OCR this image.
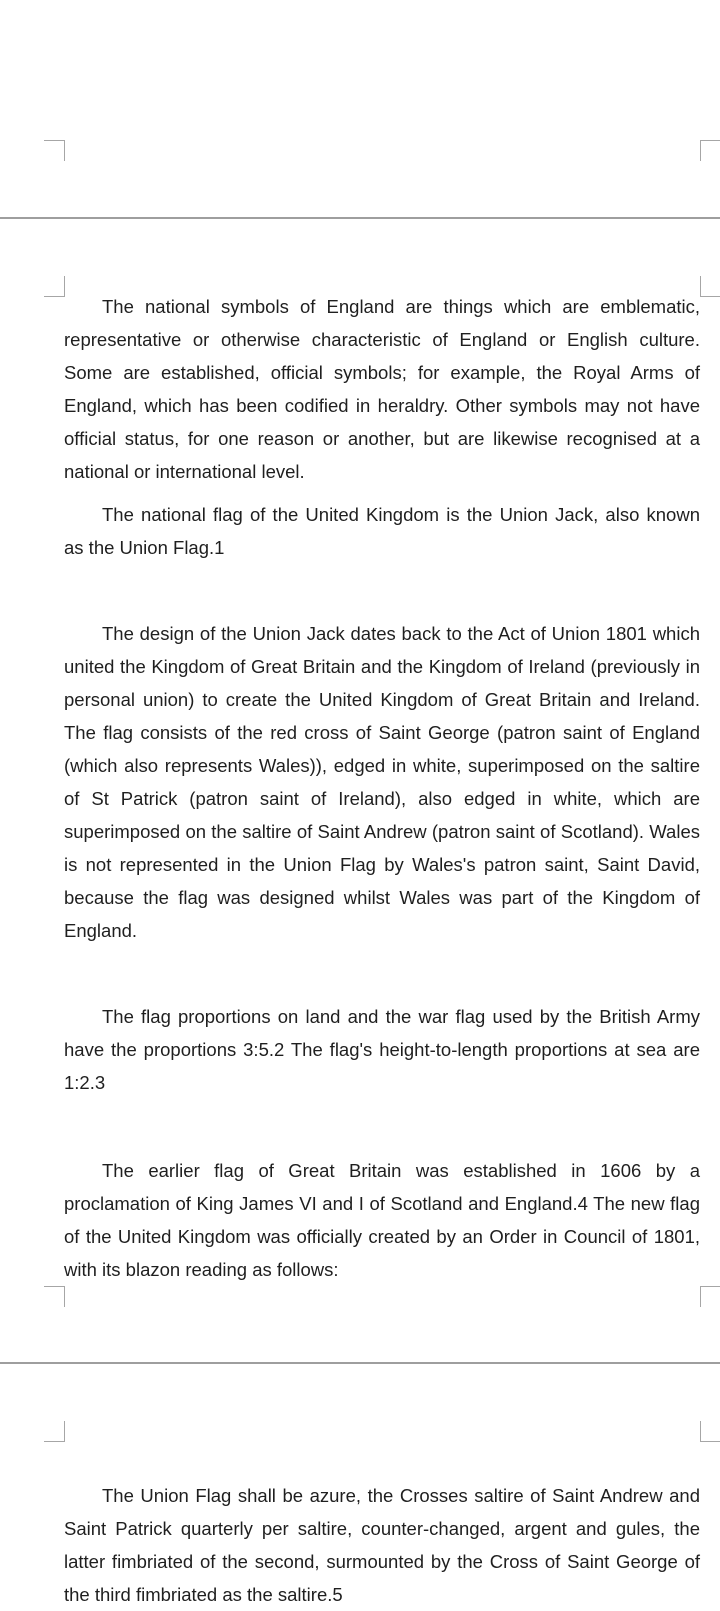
The national symbols of England are things which are emblematic, representative or otherwise characteristic of England or English culture. Some are established, official symbols; for example, the Royal Arms of England, which has been codified in heraldry. Other symbols may not have official status, for one reason or another, but are likewise recognised at a national or international level.

The national flag of the United Kingdom is the Union Jack, also known as the Union Flag.1

The design of the Union Jack dates back to the Act of Union 1801 which united the Kingdom of Great Britain and the Kingdom of Ireland (previously in personal union) to create the United Kingdom of Great Britain and Ireland. The flag consists of the red cross of Saint George (patron saint of England (which also represents Wales)), edged in white, superimposed on the saltire of St Patrick (patron saint of Ireland), also edged in white, which are superimposed on the saltire of Saint Andrew (patron saint of Scotland). Wales is not represented in the Union Flag by Wales's patron saint, Saint David, because the flag was designed whilst Wales was part of the Kingdom of England.

The flag proportions on land and the war flag used by the British Army have the proportions 3:5.2 The flag's height-to-length proportions at sea are 1:2.3

The earlier flag of Great Britain was established in 1606 by a proclamation of King James VI and I of Scotland and England.4 The new flag of the United Kingdom was officially created by an Order in Council of 1801, with its blazon reading as follows:

The Union Flag shall be azure, the Crosses saltire of Saint Andrew and Saint Patrick quarterly per saltire, counter-changed, argent and gules, the latter fimbriated of the second, surmounted by the Cross of Saint George of the third fimbriated as the saltire.5
